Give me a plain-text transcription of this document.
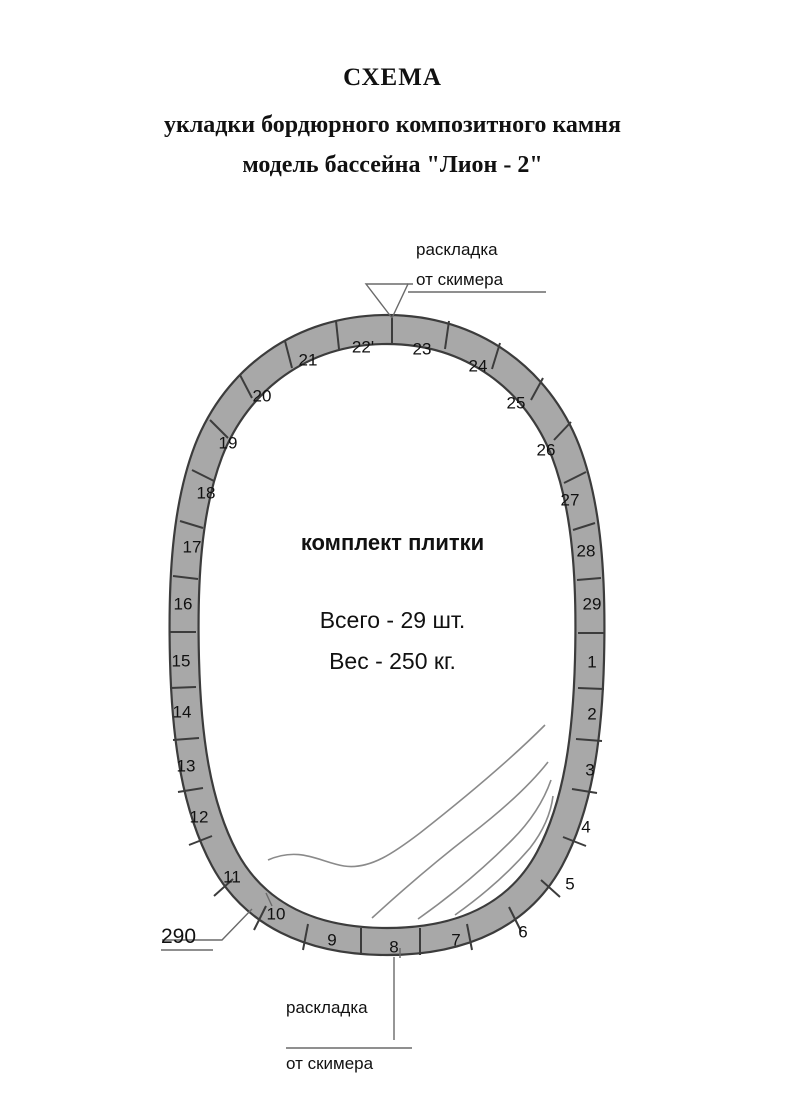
СХЕМА
укладки бордюрного композитного камня
модель бассейна "Лион - 2"
22' 23
21	24
20	25
19	26
18	27
17	28
16	29
15	1
14	2
13	3
12
4
11	5
10
6
9	7
8
раскладка
от скимера
раскладка
от скимера
290
комплект плитки
Всего - 29 шт.
Вес - 250 кг.
